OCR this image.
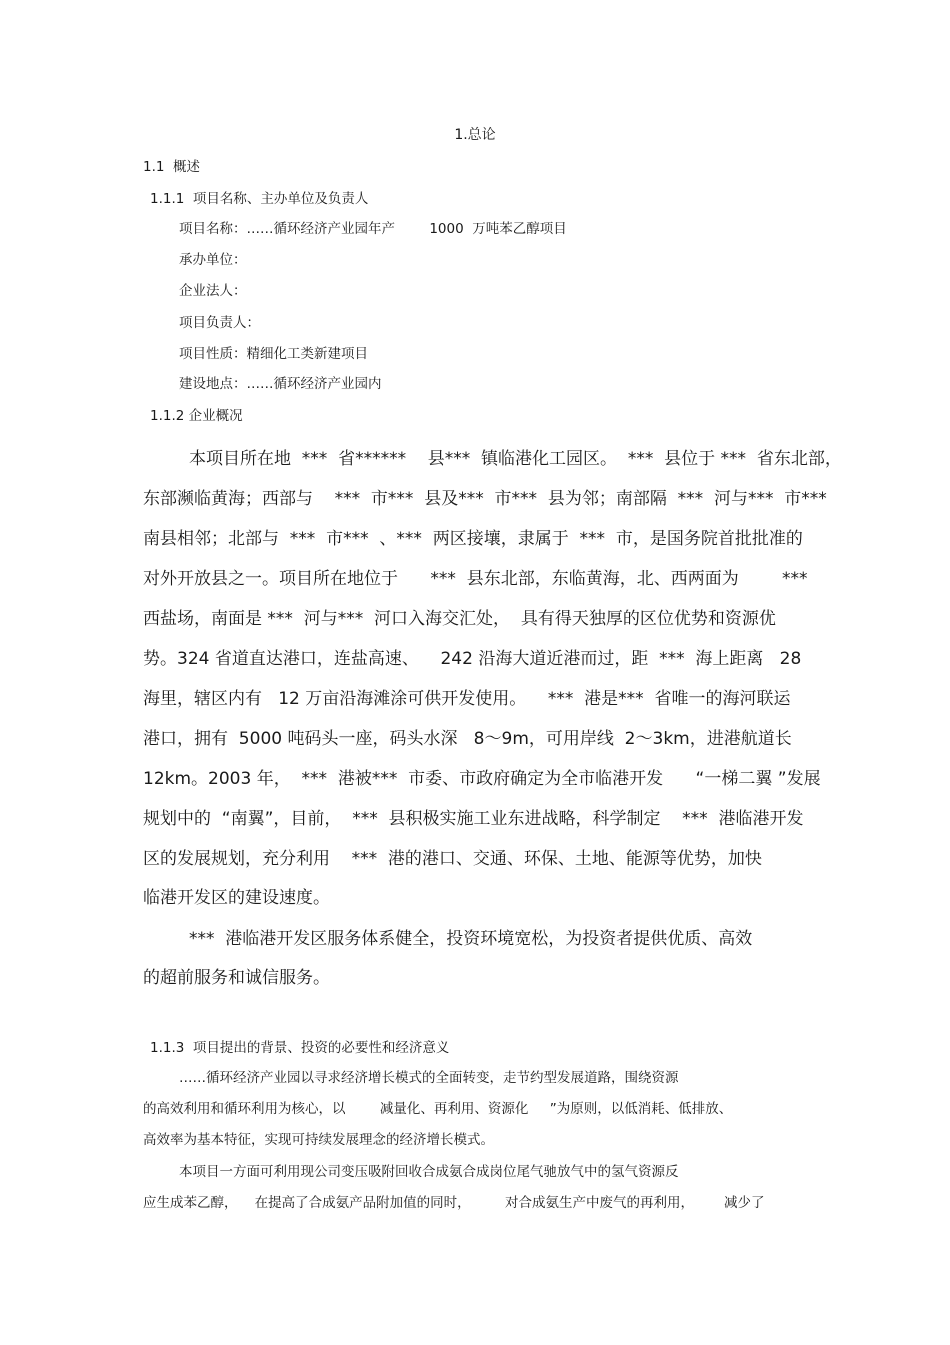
1.总论
1.1  概述
1.1.1  项目名称、主办单位及负责人
项目名称：……循环经济产业园年产        1000  万吨苯乙醇项目
承办单位：
企业法人：
项目负责人：
项目性质：精细化工类新建项目
建设地点：……循环经济产业园内
1.1.2 企业概况
本项目所在地  ***  省******    县***  镇临港化工园区。  ***  县位于 ***  省东北部，
东部濒临黄海；西部与    ***  市***  县及***  市***  县为邻；南部隔  ***  河与***  市***
南县相邻；北部与  ***  市***  、***  两区接壤，隶属于  ***  市，是国务院首批批准的
对外开放县之一。项目所在地位于      ***  县东北部，东临黄海，北、西两面为        ***
西盐场，南面是 ***  河与***  河口入海交汇处，  具有得天独厚的区位优势和资源优
势。324 省道直达港口，连盐高速、    242 沿海大道近港而过，距  ***  海上距离   28
海里，辖区内有   12 万亩沿海滩涂可供开发使用。    ***  港是***  省唯一的海河联运
港口，拥有  5000 吨码头一座，码头水深   8～9m，可用岸线  2～3km，进港航道长
12km。2003 年，  ***  港被***  市委、市政府确定为全市临港开发      “一梯二翼 ”发展
规划中的  “南翼”，目前，  ***  县积极实施工业东进战略，科学制定    ***  港临港开发
区的发展规划，充分利用    ***  港的港口、交通、环保、土地、能源等优势，加快
临港开发区的建设速度。
***  港临港开发区服务体系健全，投资环境宽松，为投资者提供优质、高效
的超前服务和诚信服务。
1.1.3  项目提出的背景、投资的必要性和经济意义
……循环经济产业园以寻求经济增长模式的全面转变，走节约型发展道路，围绕资源
的高效利用和循环利用为核心，以        减量化、再利用、资源化     ”为原则，以低消耗、低排放、
高效率为基本特征，实现可持续发展理念的经济增长模式。
本项目一方面可利用现公司变压吸附回收合成氨合成岗位尾气驰放气中的氢气资源反
应生成苯乙醇，    在提高了合成氨产品附加值的同时，        对合成氨生产中废气的再利用，       减少了
